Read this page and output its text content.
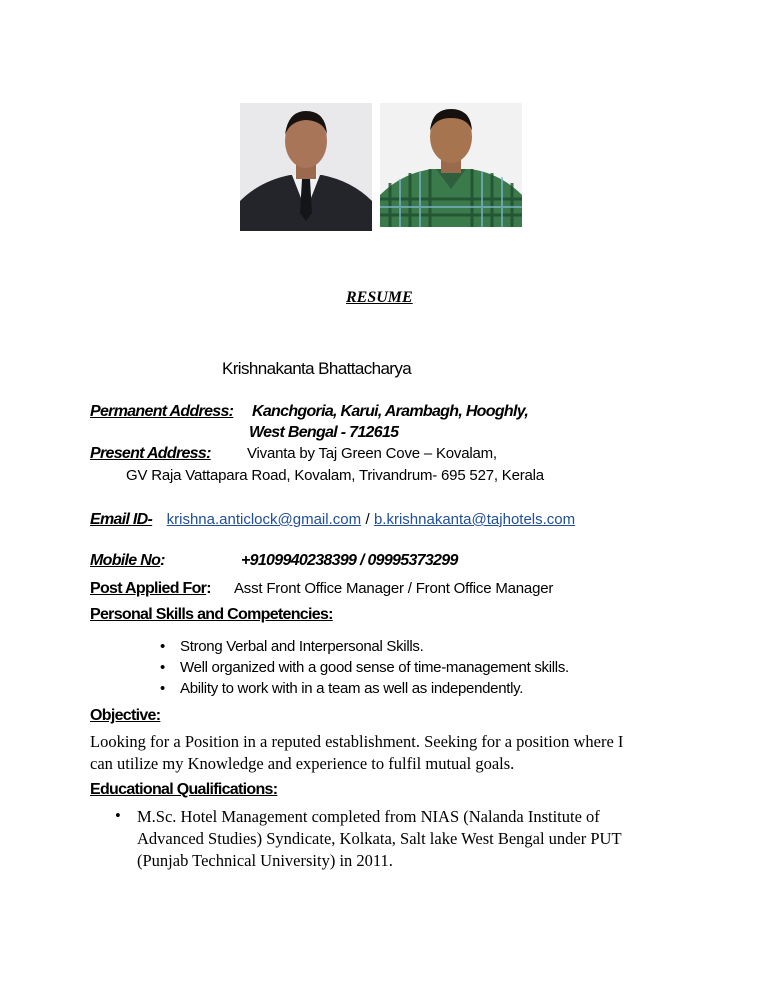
RESUME
Krishnakanta Bhattacharya
Permanent Address: Kanchgoria, Karui, Arambagh, Hooghly,
West Bengal - 712615
Present Address: Vivanta by Taj Green Cove – Kovalam,
GV Raja Vattapara Road, Kovalam, Trivandrum- 695 527, Kerala
Email ID- krishna.anticlock@gmail.com / b.krishnakanta@tajhotels.com
Mobile No:	+9109940238399 / 09995373299
Post Applied For: Asst Front Office Manager / Front Office Manager
Personal Skills and Competencies:
• Strong Verbal and Interpersonal Skills.
• Well organized with a good sense of time-management skills.
• Ability to work with in a team as well as independently.
Objective:
Looking for a Position in a reputed establishment. Seeking for a position where I
can utilize my Knowledge and experience to fulfil mutual goals.
Educational Qualifications:
• M.Sc. Hotel Management completed from NIAS (Nalanda Institute of
Advanced Studies) Syndicate, Kolkata, Salt lake West Bengal under PUT
(Punjab Technical University) in 2011.
